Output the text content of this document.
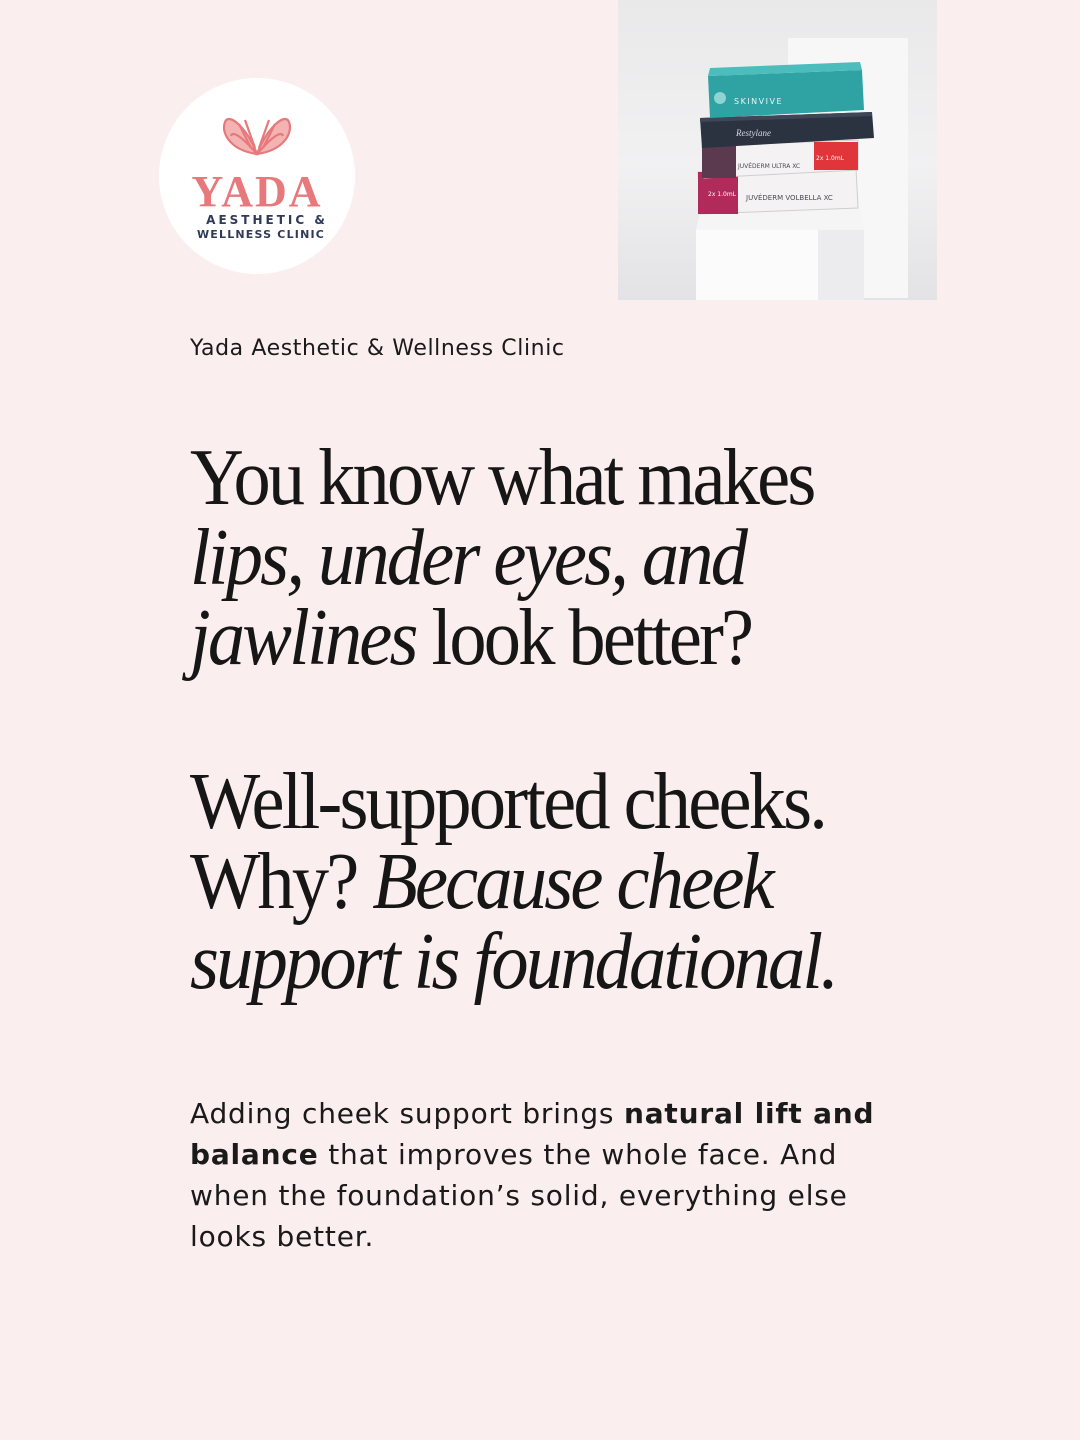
YADA
AESTHETIC &
WELLNESS CLINIC
JUVÉDERM VOLBELLA XC
2x 1.0mL
JUVÉDERM ULTRA XC
2x 1.0mL
Restylane
SKINVIVE
Yada Aesthetic & Wellness Clinic
You know what makes
lips, under eyes, and
jawlines look better?
Well-supported cheeks.
Why? Because cheek
support is foundational.

Adding cheek support brings natural lift and balance that improves the whole face. And when the foundation’s solid, everything else looks better.
